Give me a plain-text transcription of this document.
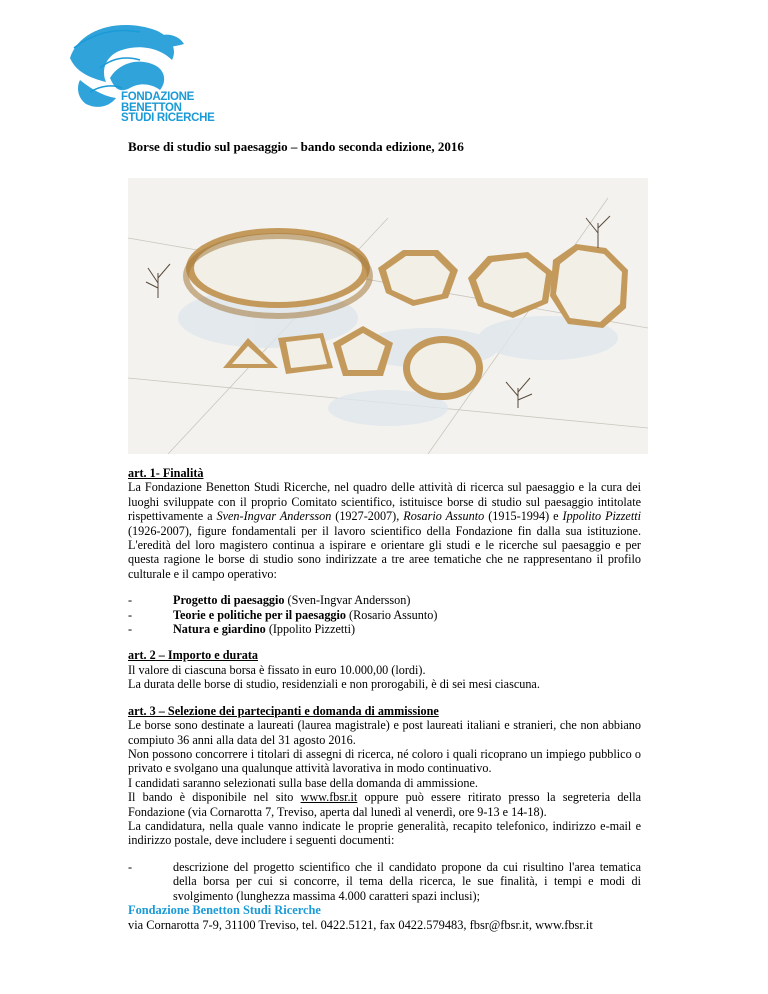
FONDAZIONE
BENETTON
STUDI RICERCHE
Borse di studio sul paesaggio – bando seconda edizione, 2016

art. 1- Finalità

La Fondazione Benetton Studi Ricerche, nel quadro delle attività di ricerca sul paesaggio e la cura dei luoghi sviluppate con il proprio Comitato scientifico, istituisce borse di studio sul paesaggio intitolate rispettivamente a Sven-Ingvar Andersson (1927-2007), Rosario Assunto (1915-1994) e Ippolito Pizzetti (1926-2007), figure fondamentali per il lavoro scientifico della Fondazione fin dalla sua istituzione. L'eredità del loro magistero continua a ispirare e orientare gli studi e le ricerche sul paesaggio e per questa ragione le borse di studio sono indirizzate a tre aree tematiche che ne rappresentano il profilo culturale e il campo operativo:

-	Progetto di paesaggio (Sven-Ingvar Andersson)
-	Teorie e politiche per il paesaggio (Rosario Assunto)
-	Natura e giardino (Ippolito Pizzetti)

art. 2 – Importo e durata

Il valore di ciascuna borsa è fissato in euro 10.000,00 (lordi).

La durata delle borse di studio, residenziali e non prorogabili, è di sei mesi ciascuna.

art. 3 – Selezione dei partecipanti e domanda di ammissione

Le borse sono destinate a laureati (laurea magistrale) e post laureati italiani e stranieri, che non abbiano compiuto 36 anni alla data del 31 agosto 2016.

Non possono concorrere i titolari di assegni di ricerca, né coloro i quali ricoprano un impiego pubblico o privato e svolgano una qualunque attività lavorativa in modo continuativo.

I candidati saranno selezionati sulla base della domanda di ammissione.

Il bando è disponibile nel sito www.fbsr.it oppure può essere ritirato presso la segreteria della Fondazione (via Cornarotta 7, Treviso, aperta dal lunedì al venerdì, ore 9-13 e 14-18).

La candidatura, nella quale vanno indicate le proprie generalità, recapito telefonico, indirizzo e-mail e indirizzo postale, deve includere i seguenti documenti:

-	descrizione del progetto scientifico che il candidato propone da cui risultino l'area tematica della borsa per cui si concorre, il tema della ricerca, le sue finalità, i tempi e modi di svolgimento (lunghezza massima 4.000 caratteri spazi inclusi);
Fondazione Benetton Studi Ricerche
via Cornarotta 7-9, 31100 Treviso, tel. 0422.5121, fax 0422.579483, fbsr@fbsr.it, www.fbsr.it
